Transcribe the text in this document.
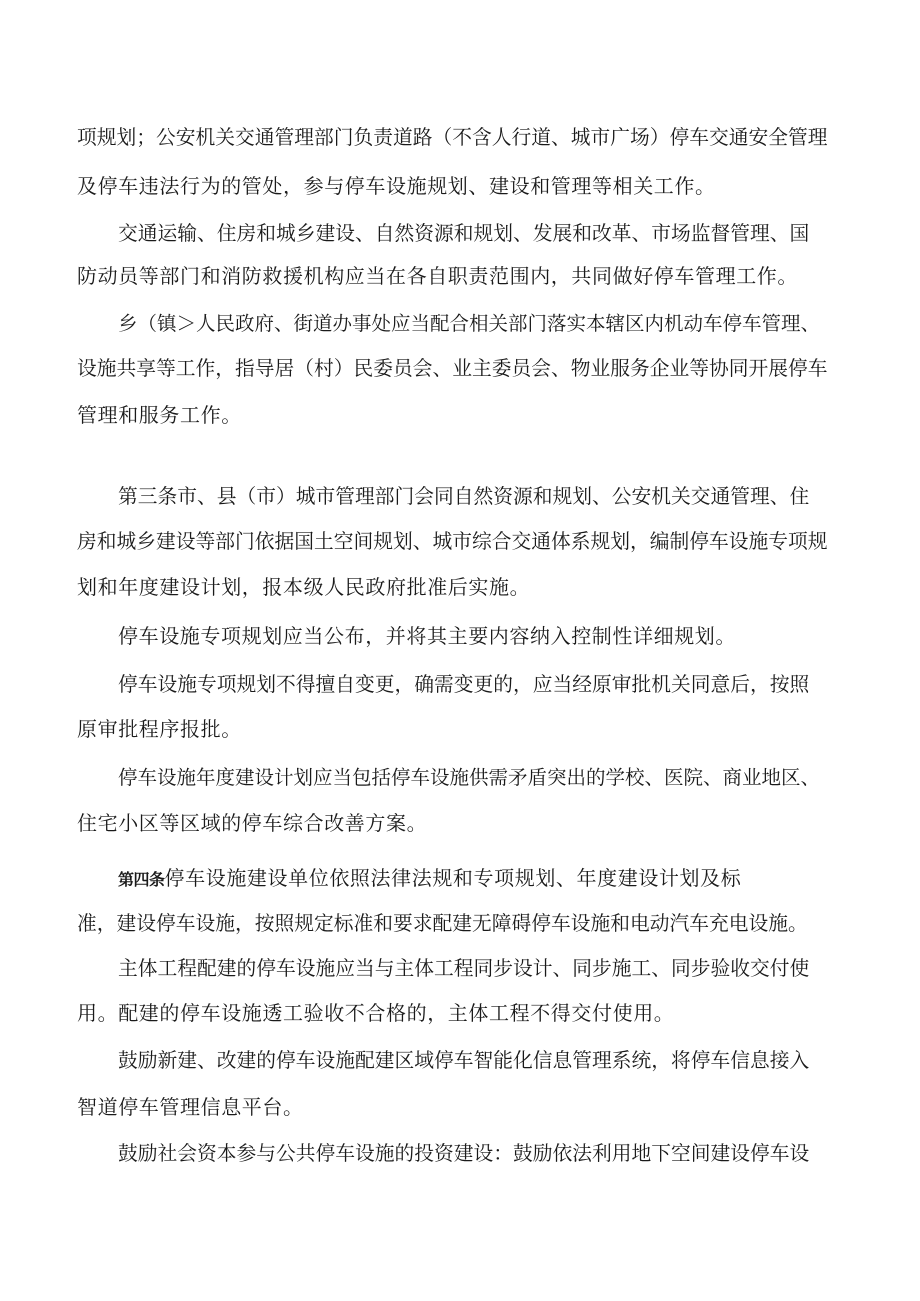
项规划；公安机关交通管理部门负责道路（不含人行道、城市广场）停车交通安全管理
及停车违法行为的管处，参与停车设施规划、建设和管理等相关工作。
交通运输、住房和城乡建设、自然资源和规划、发展和改革、市场监督管理、国
防动员等部门和消防救援机构应当在各自职责范围内，共同做好停车管理工作。
乡（镇＞人民政府、街道办事处应当配合相关部门落实本辖区内机动车停车管理、
设施共享等工作，指导居（村）民委员会、业主委员会、物业服务企业等协同开展停车
管理和服务工作。
第三条市、县（市）城市管理部门会同自然资源和规划、公安机关交通管理、住
房和城乡建设等部门依据国土空间规划、城市综合交通体系规划，编制停车设施专项规
划和年度建设计划，报本级人民政府批准后实施。
停车设施专项规划应当公布，并将其主要内容纳入控制性详细规划。
停车设施专项规划不得擅自变更，确需变更的，应当经原审批机关同意后，按照
原审批程序报批。
停车设施年度建设计划应当包括停车设施供需矛盾突出的学校、医院、商业地区、
住宅小区等区域的停车综合改善方案。
第四条停车设施建设单位依照法律法规和专项规划、年度建设计划及标
准，建设停车设施，按照规定标准和要求配建无障碍停车设施和电动汽车充电设施。
主体工程配建的停车设施应当与主体工程同步设计、同步施工、同步验收交付使
用。配建的停车设施透工验收不合格的，主体工程不得交付使用。
鼓励新建、改建的停车设施配建区域停车智能化信息管理系统，将停车信息接入
智道停车管理信息平台。
鼓励社会资本参与公共停车设施的投资建设：鼓励依法利用地下空间建设停车设
